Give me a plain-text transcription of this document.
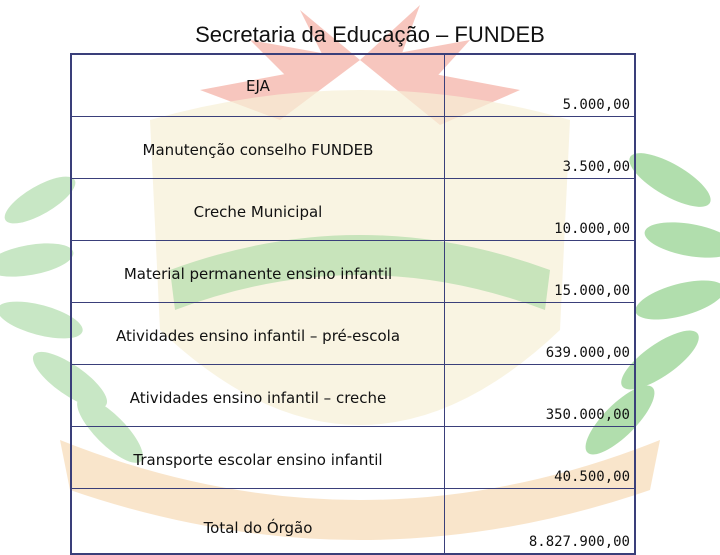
Secretaria da Educação – FUNDEB
EJA	5.000,00
Manutenção conselho FUNDEB	3.500,00
Creche Municipal	10.000,00
Material permanente ensino infantil	15.000,00
Atividades ensino infantil – pré-escola	639.000,00
Atividades ensino infantil – creche	350.000,00
Transporte escolar ensino infantil	40.500,00
Total do Órgão	8.827.900,00
